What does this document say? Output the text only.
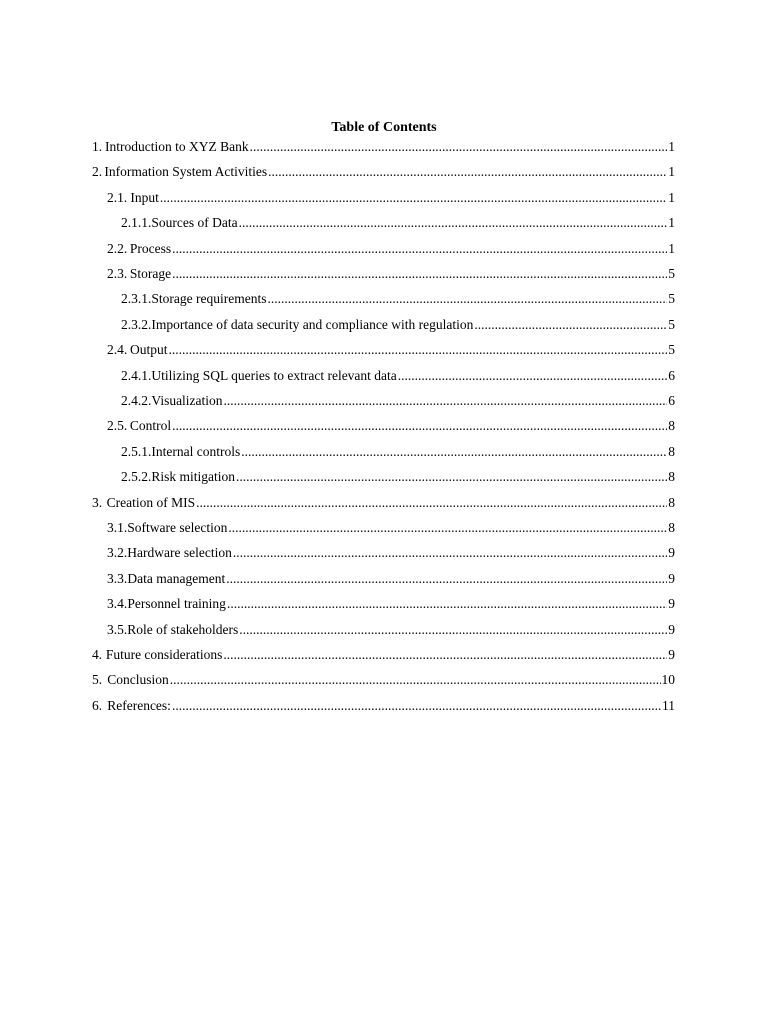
Table of Contents
1. Introduction to XYZ Bank .....	1
2. Information System Activities .....	1
2.1. Input .....	1
2.1.1. Sources of Data .....	1
2.2. Process .....	1
2.3. Storage .....	5
2.3.1. Storage requirements .....	5
2.3.2. Importance of data security and compliance with regulation .....	5
2.4. Output .....	5
2.4.1. Utilizing SQL queries to extract relevant data .....	6
2.4.2. Visualization .....	6
2.5. Control .....	8
2.5.1. Internal controls .....	8
2.5.2. Risk mitigation .....	8
3. Creation of MIS .....	8
3.1. Software selection .....	8
3.2. Hardware selection .....	9
3.3. Data management .....	9
3.4. Personnel training .....	9
3.5. Role of stakeholders .....	9
4. Future considerations .....	9
5. Conclusion .....	10
6. References: .....	11
